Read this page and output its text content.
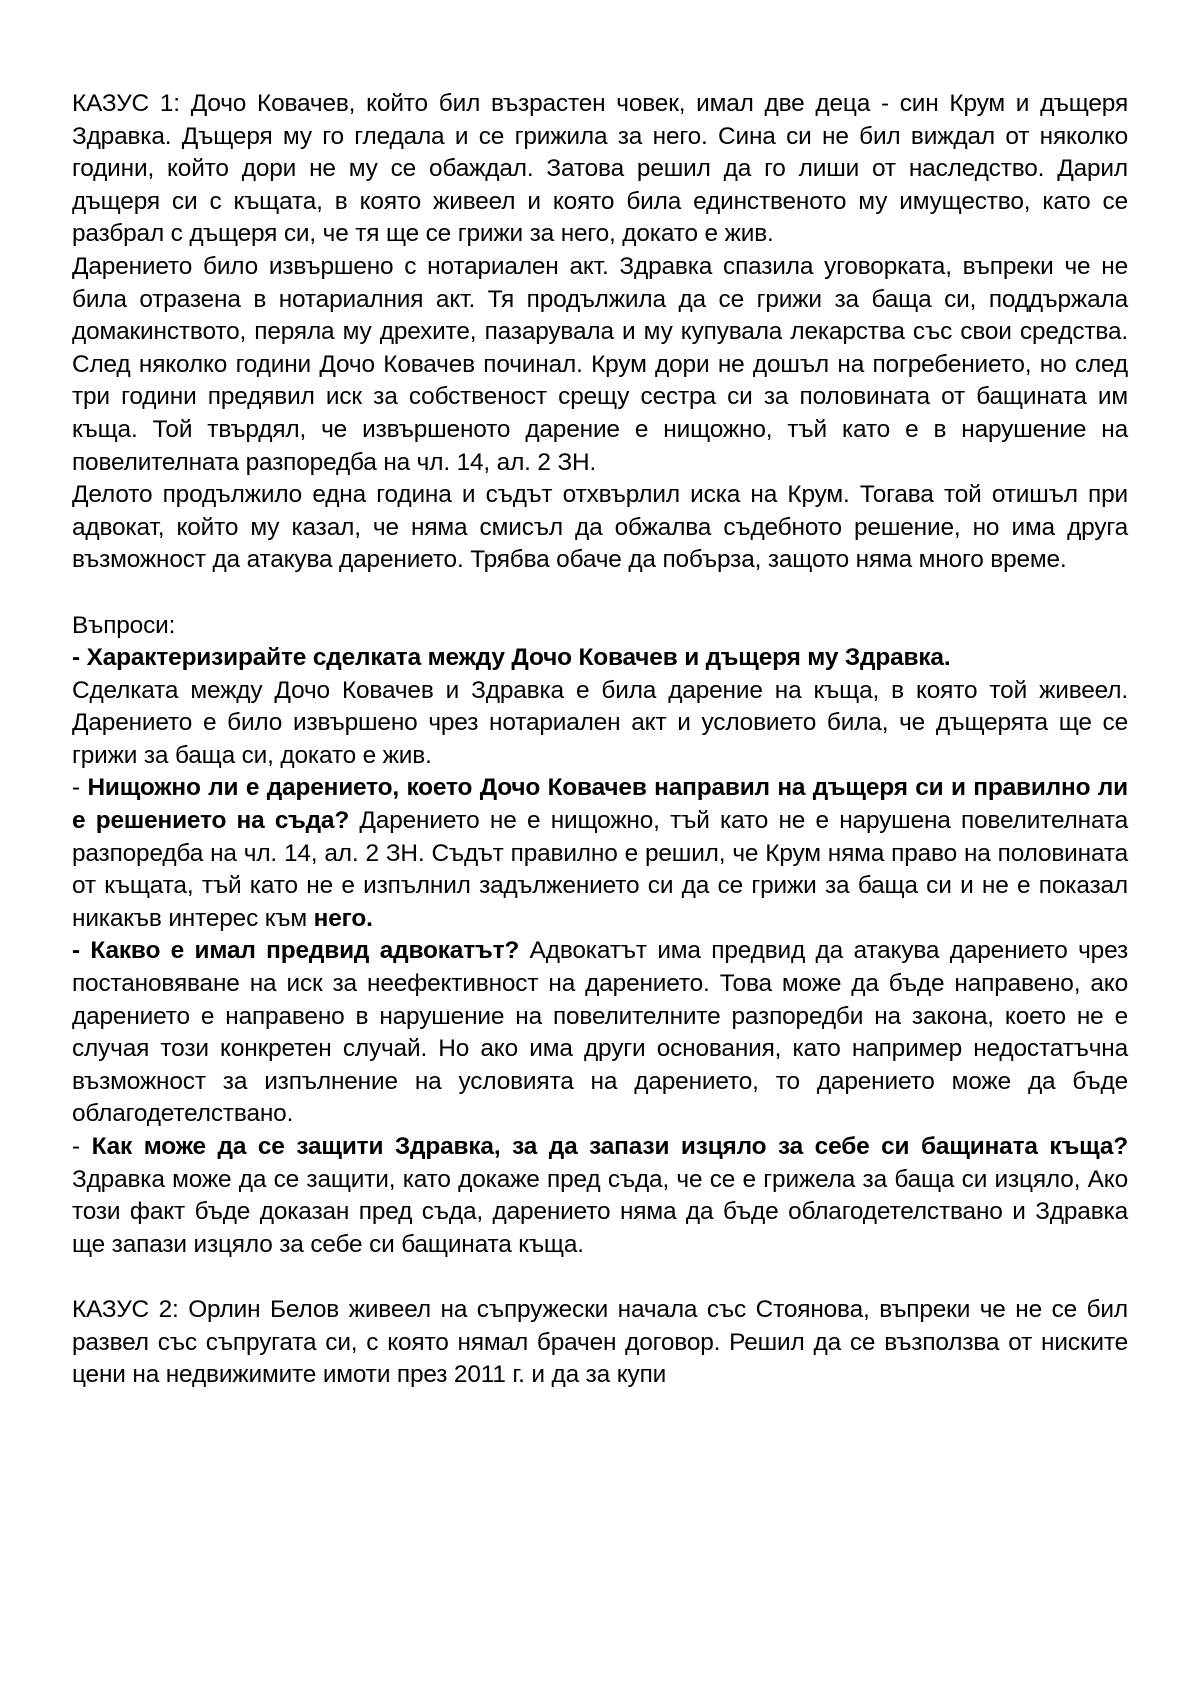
КАЗУС 1: Дочо Ковачев, който бил възрастен човек, имал две деца - син Крум и дъщеря Здравка. Дъщеря му го гледала и се грижила за него. Сина си не бил виждал от няколко години, който дори не му се обаждал. Затова решил да го лиши от наследство. Дарил дъщеря си с къщата, в която живеел и която била единственото му имущество, като се разбрал с дъщеря си, че тя ще се грижи за него, докато е жив.

Дарението било извършено с нотариален акт. Здравка спазила уговорката, въпреки че не била отразена в нотариалния акт. Тя продължила да се грижи за баща си, поддържала домакинството, перяла му дрехите, пазарувала и му купувала лекарства със свои средства. След няколко години Дочо Ковачев починал. Крум дори не дошъл на погребението, но след три години предявил иск за собственост срещу сестра си за половината от бащината им къща. Той твърдял, че извършеното дарение е нищожно, тъй като е в нарушение на повелителната разпоредба на чл. 14, ал. 2 ЗН.

Делото продължило една година и съдът отхвърлил иска на Крум. Тогава той отишъл при адвокат, който му казал, че няма смисъл да обжалва съдебното решение, но има друга възможност да атакува дарението. Трябва обаче да побърза, защото няма много време.

Въпроси:

- Характеризирайте сделката между Дочо Ковачев и дъщеря му Здравка.

Сделката между Дочо Ковачев и Здравка е била дарение на къща, в която той живеел. Дарението е било извършено чрез нотариален акт и условието била, че дъщерята ще се грижи за баща си, докато е жив.

- Нищожно ли е дарението, което Дочо Ковачев направил на дъщеря си и правилно ли е решението на съда? Дарението не е нищожно, тъй като не е нарушена повелителната разпоредба на чл. 14, ал. 2 ЗН. Съдът правилно е решил, че Крум няма право на половината от къщата, тъй като не е изпълнил задължението си да се грижи за баща си и не е показал никакъв интерес към него.

- Какво е имал предвид адвокатът? Адвокатът има предвид да атакува дарението чрез постановяване на иск за неефективност на дарението. Това може да бъде направено, ако дарението е направено в нарушение на повелителните разпоредби на закона, което не е случая този конкретен случай. Но ако има други основания, като например недостатъчна възможност за изпълнение на условията на дарението, то дарението може да бъде облагодетелствано.

- Как може да се защити Здравка, за да запази изцяло за себе си бащината къща? Здравка може да се защити, като докаже пред съда, че се е грижела за баща си изцяло, Ако този факт бъде доказан пред съда, дарението няма да бъде облагодетелствано и Здравка ще запази изцяло за себе си бащината къща.

КАЗУС 2: Орлин Белов живеел на съпружески начала със Стоянова, въпреки че не се бил развел със съпругата си, с която нямал брачен договор. Решил да се възползва от ниските цени на недвижимите имоти през 2011 г. и да за купи
